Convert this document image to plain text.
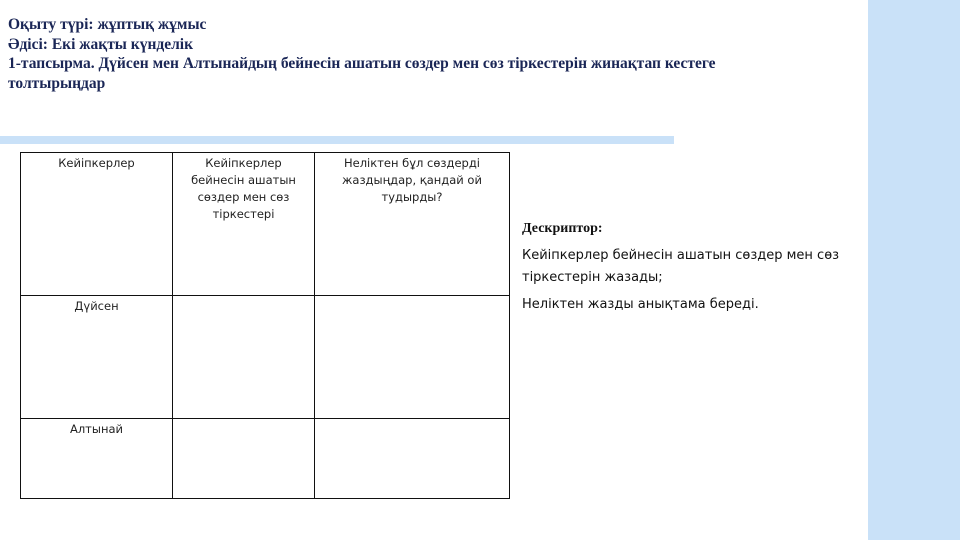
Оқыту түрі: жұптық жұмыс
Әдісі: Екі жақты күнделік
1-тапсырма. Дүйсен мен Алтынайдың бейнесін ашатын сөздер мен сөз тіркестерін жинақтап кестеге
толтырыңдар
Кейіпкерлер	Кейіпкерлер бейнесін ашатын сөздер мен сөз тіркестері	Неліктен бұл сөздерді жаздыңдар, қандай ой тудырды?
Дүйсен		
Алтынай		
Дескриптор:

Кейіпкерлер бейнесін ашатын сөздер мен сөз тіркестерін жазады;

Неліктен жазды анықтама береді.
